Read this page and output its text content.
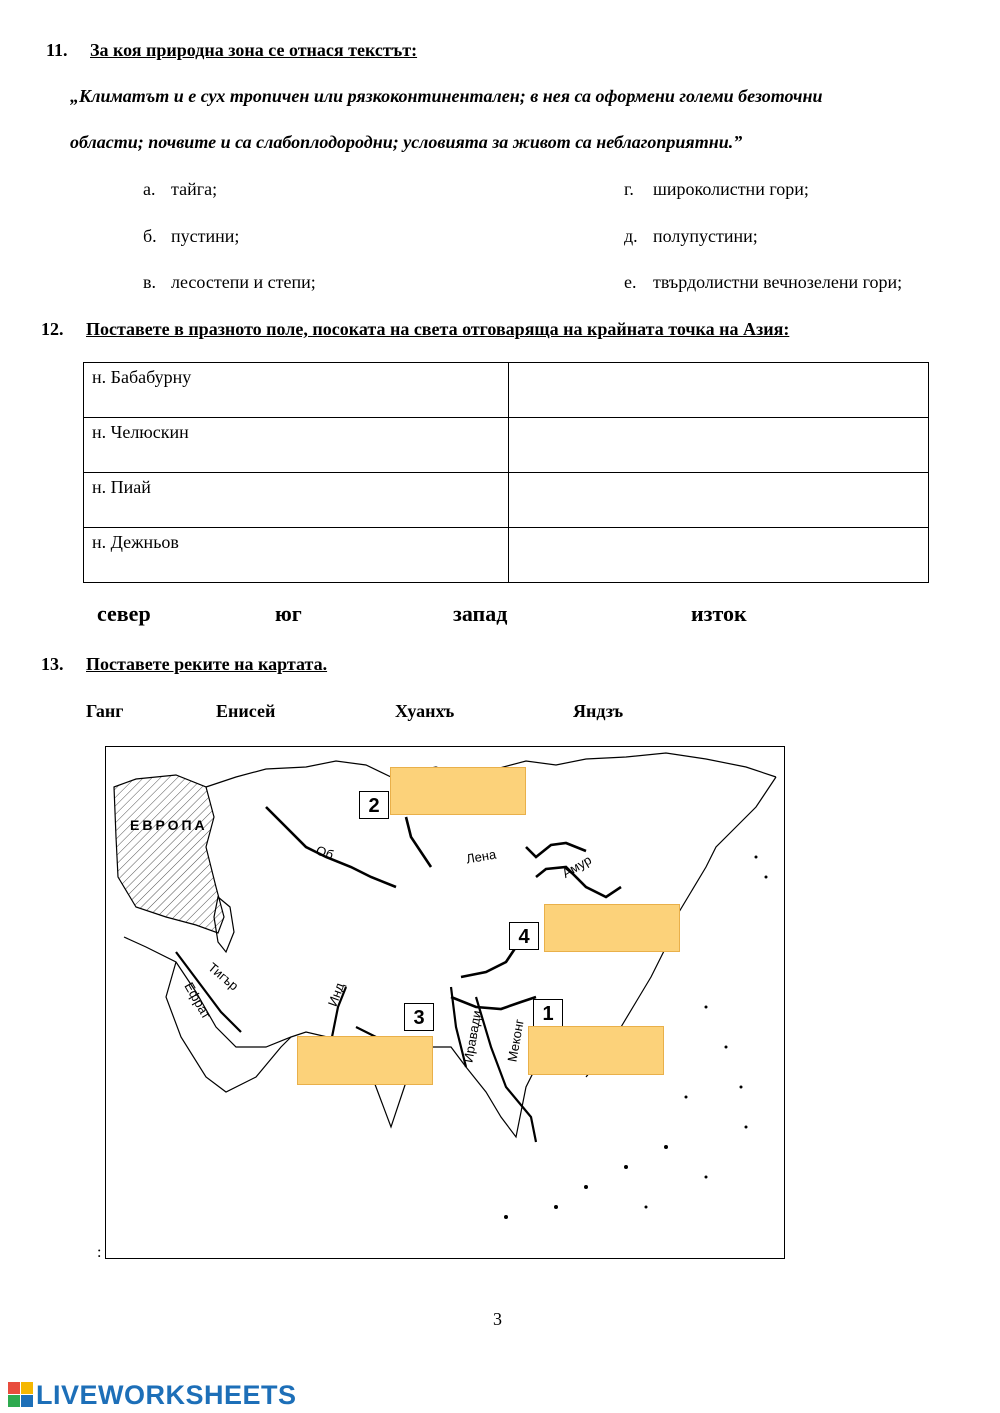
11. За коя природна зона се отнася текстът:
„Климатът и е сух тропичен или рязкоконтинентален; в нея са оформени големи безоточни
области; почвите и са слабоплодородни; условията за живот са неблагоприятни.”
а. тайга;
б. пустини;
в. лесостепи и степи;
г. широколистни гори;
д. полупустини;
е. твърдолистни вечнозелени гори;
12. Поставете в празното поле, посоката на света отговаряща на крайната точка на Азия:
н. Бабабурну	
н. Челюскин	
н. Пиай	
н. Дежньов	
север	юг	запад	изток
13. Поставете реките на картата.
Ганг	Енисей	Хуанхъ	Яндзъ
:
ЕВРОПА
Об	Лена	Амур
Тигър
Ефрат	Инд
Иравади Меконг
2
4
3	1
3
LIVEWORKSHEETS
